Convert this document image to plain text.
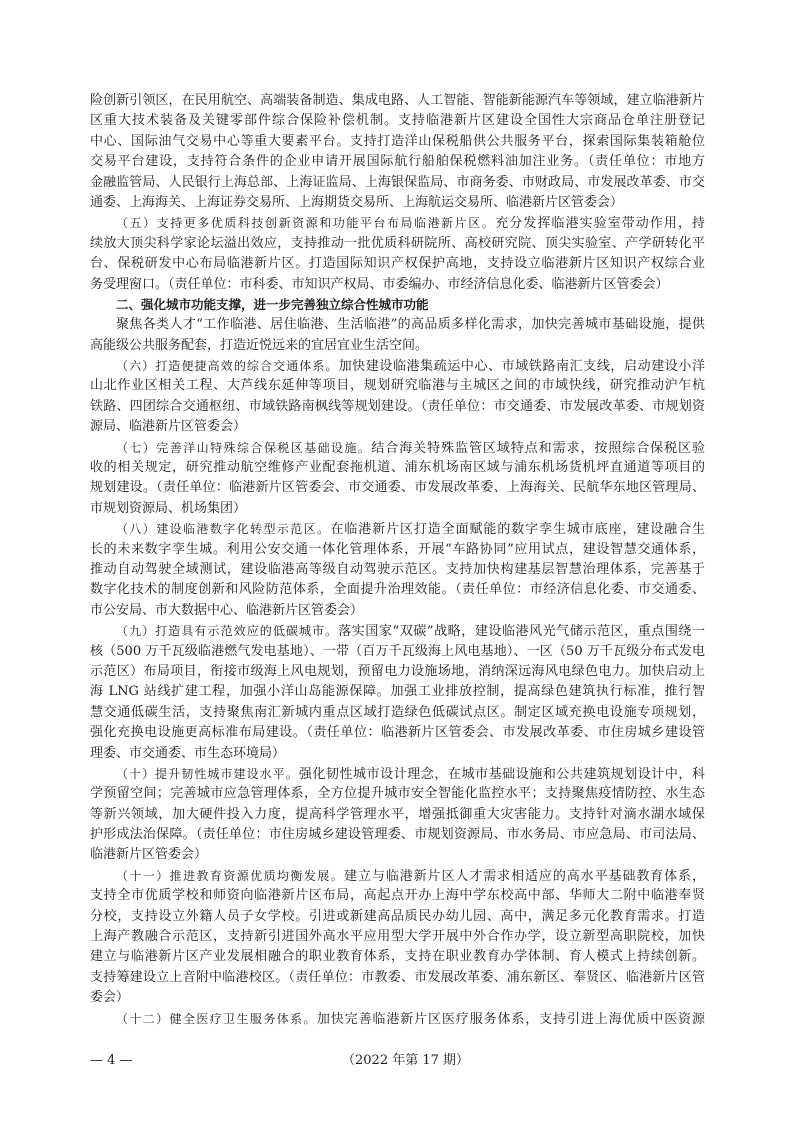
险创新引领区，在民用航空、高端装备制造、集成电路、人工智能、智能新能源汽车等领域，建立临港新片
区重大技术装备及关键零部件综合保险补偿机制。支持临港新片区建设全国性大宗商品仓单注册登记
中心、国际油气交易中心等重大要素平台。支持打造洋山保税船供公共服务平台，探索国际集装箱舱位
交易平台建设，支持符合条件的企业申请开展国际航行船舶保税燃料油加注业务。（责任单位：市地方
金融监管局、人民银行上海总部、上海证监局、上海银保监局、市商务委、市财政局、市发展改革委、市交
通委、上海海关、上海证券交易所、上海期货交易所、上海航运交易所、临港新片区管委会）
（五）支持更多优质科技创新资源和功能平台布局临港新片区。充分发挥临港实验室带动作用，持
续放大顶尖科学家论坛溢出效应，支持推动一批优质科研院所、高校研究院、顶尖实验室、产学研转化平
台、保税研发中心布局临港新片区。打造国际知识产权保护高地，支持设立临港新片区知识产权综合业
务受理窗口。（责任单位：市科委、市知识产权局、市委编办、市经济信息化委、临港新片区管委会）
二、强化城市功能支撑，进一步完善独立综合性城市功能
聚焦各类人才“工作临港、居住临港、生活临港”的高品质多样化需求，加快完善城市基础设施，提供
高能级公共服务配套，打造近悦远来的宜居宜业生活空间。
（六）打造便捷高效的综合交通体系。加快建设临港集疏运中心、市域铁路南汇支线，启动建设小洋
山北作业区相关工程、大芦线东延伸等项目，规划研究临港与主城区之间的市域快线，研究推动沪乍杭
铁路、四团综合交通枢纽、市域铁路南枫线等规划建设。（责任单位：市交通委、市发展改革委、市规划资
源局、临港新片区管委会）
（七）完善洋山特殊综合保税区基础设施。结合海关特殊监管区域特点和需求，按照综合保税区验
收的相关规定，研究推动航空维修产业配套拖机道、浦东机场南区域与浦东机场货机坪直通道等项目的
规划建设。（责任单位：临港新片区管委会、市交通委、市发展改革委、上海海关、民航华东地区管理局、
市规划资源局、机场集团）
（八）建设临港数字化转型示范区。在临港新片区打造全面赋能的数字孪生城市底座，建设融合生
长的未来数字孪生城。利用公安交通一体化管理体系，开展“车路协同”应用试点，建设智慧交通体系，
推动自动驾驶全域测试，建设临港高等级自动驾驶示范区。支持加快构建基层智慧治理体系，完善基于
数字化技术的制度创新和风险防范体系，全面提升治理效能。（责任单位：市经济信息化委、市交通委、
市公安局、市大数据中心、临港新片区管委会）
（九）打造具有示范效应的低碳城市。落实国家“双碳”战略，建设临港风光气储示范区，重点围绕一
核（500 万千瓦级临港燃气发电基地）、一带（百万千瓦级海上风电基地）、一区（50 万千瓦级分布式发电
示范区）布局项目，衔接市级海上风电规划，预留电力设施场地，消纳深远海风电绿色电力。加快启动上
海 LNG 站线扩建工程，加强小洋山岛能源保障。加强工业排放控制，提高绿色建筑执行标准，推行智
慧交通低碳生活，支持聚焦南汇新城内重点区域打造绿色低碳试点区。制定区域充换电设施专项规划，
强化充换电设施更高标准布局建设。（责任单位：临港新片区管委会、市发展改革委、市住房城乡建设管
理委、市交通委、市生态环境局）
（十）提升韧性城市建设水平。强化韧性城市设计理念，在城市基础设施和公共建筑规划设计中，科
学预留空间；完善城市应急管理体系，全方位提升城市安全智能化监控水平；支持聚焦疫情防控、水生态
等新兴领域，加大硬件投入力度，提高科学管理水平，增强抵御重大灾害能力。支持针对滴水湖水域保
护形成法治保障。（责任单位：市住房城乡建设管理委、市规划资源局、市水务局、市应急局、市司法局、
临港新片区管委会）
（十一）推进教育资源优质均衡发展。建立与临港新片区人才需求相适应的高水平基础教育体系，
支持全市优质学校和师资向临港新片区布局，高起点开办上海中学东校高中部、华师大二附中临港奉贤
分校，支持设立外籍人员子女学校。引进或新建高品质民办幼儿园、高中，满足多元化教育需求。打造
上海产教融合示范区，支持新引进国外高水平应用型大学开展中外合作办学，设立新型高职院校，加快
建立与临港新片区产业发展相融合的职业教育体系，支持在职业教育办学体制、育人模式上持续创新。
支持筹建设立上音附中临港校区。（责任单位：市教委、市发展改革委、浦东新区、奉贤区、临港新片区管
委会）
（十二）健全医疗卫生服务体系。加快完善临港新片区医疗服务体系，支持引进上海优质中医资源
— 4 —	（2022 年第 17 期）
